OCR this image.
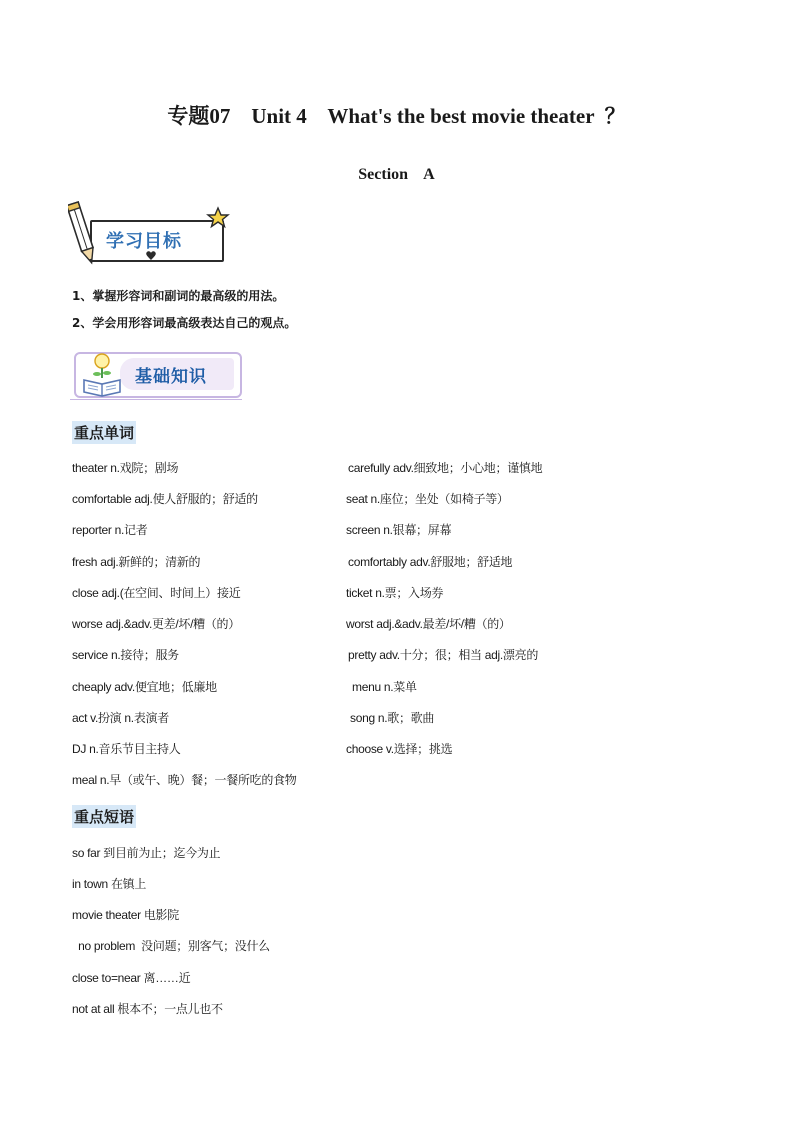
专题07    Unit 4    What's the best movie theater  ？
Section    A
学习目标
1、掌握形容词和副词的最高级的用法。
2、学会用形容词最高级表达自己的观点。
基础知识
重点单词
theater n.戏院；剧场
comfortable adj.使人舒服的；舒适的
reporter n.记者
fresh adj.新鲜的；清新的
close adj.(在空间、时间上）接近
worse adj.&adv.更差/坏/糟（的）
service n.接待；服务
cheaply adv.便宜地；低廉地
act v.扮演 n.表演者
DJ n.音乐节目主持人
meal n.早（或午、晚）餐；一餐所吃的食物
carefully adv.细致地；小心地；谨慎地
seat n.座位；坐处（如椅子等）
screen n.银幕；屏幕
comfortably adv.舒服地；舒适地
ticket n.票；入场券
worst adj.&adv.最差/坏/糟（的）
pretty adv.十分；很；相当 adj.漂亮的
menu n.菜单
song n.歌；歌曲
choose v.选择；挑选
重点短语
so far 到目前为止；迄今为止
in town 在镇上
movie theater 电影院
no problem  没问题；别客气；没什么
close to=near 离……近
not at all 根本不；一点儿也不
